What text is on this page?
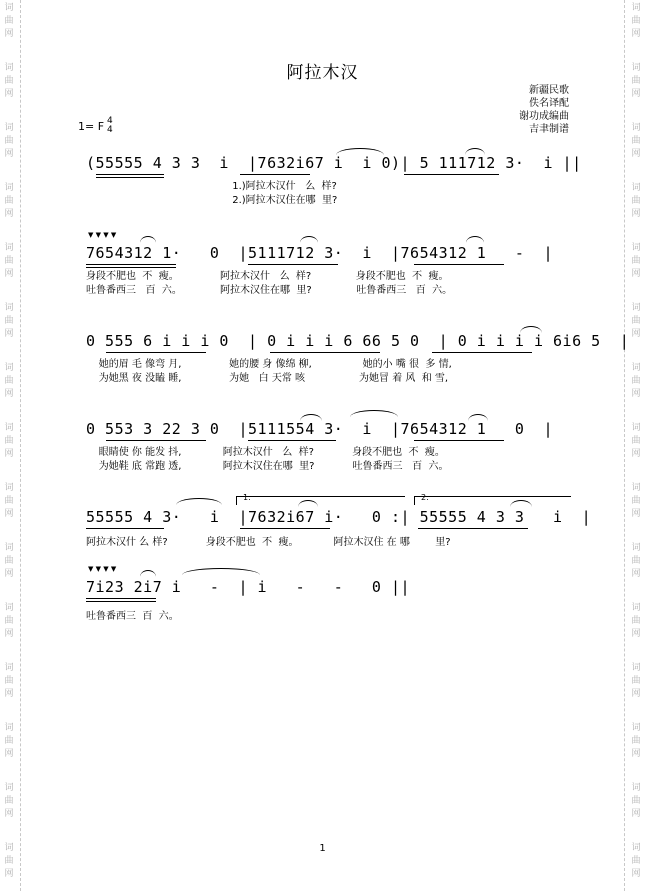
词
曲
网
词
曲
网
词
曲
网
词
曲
网
词
曲
网
词
曲
网
词
曲
网
词
曲
网
词
曲
网
词
曲
网
词
曲
网
词
曲
网
词
曲
网
词
曲
网
词
曲
网
词
曲
网
词
曲
网
词
曲
网
词
曲
网
词
曲
网
词
曲
网
词
曲
网
词
曲
网
词
曲
网
词
曲
网
词
曲
网
词
曲
网
词
曲
网
词
曲
网
词
曲
网
阿拉木汉
新疆民歌
佚名译配
谢功成编曲
吉聿制谱
1= F 4
4
(55555 4 3 3  i  |7632i67 i  i 0)| 5 111712 3·  i ||
1.)阿拉木汉什   么  样?
2.)阿拉木汉住在哪  里?
▼ ▼ ▼ ▼
7654312 1·   0  |5111712 3·  i  |7654312 1   -  |
身段不肥也  不  瘦。             阿拉木汉什   么  样?              身段不肥也  不  瘦。
吐鲁番西三   百  六。            阿拉木汉住在哪  里?              吐鲁番西三   百  六。
0 555 6 i i i 0  | 0 i i i 6 66 5 0  | 0 i i i i 6i6 5  |
她的眉 毛 像弯 月,               她的腰 身 像绵 柳,                她的小 嘴 很  多 情,
为她黑 夜 没瞌 睡,               为她   白 天常 咳                 为她冒 着 风  和 雪,
0 553 3 22 3 0  |5111554 3·  i  |7654312 1   0  |
眼睛使 你 能发 抖,             阿拉木汉什   么  样?            身段不肥也  不  瘦。
为她鞋 底 常跑 透,             阿拉木汉住在哪  里?            吐鲁番西三   百  六。
1.	2.
55555 4 3·   i  |7632i67 i·   0 :| 55555 4 3 3   i  |
阿拉木汉什 么 样?            身段不肥也  不  瘦。           阿拉木汉住 在 哪        里?
▼ ▼ ▼ ▼
7i23 2i7 i   -  | i   -   -   0 ||
吐鲁番西三  百  六。
1
